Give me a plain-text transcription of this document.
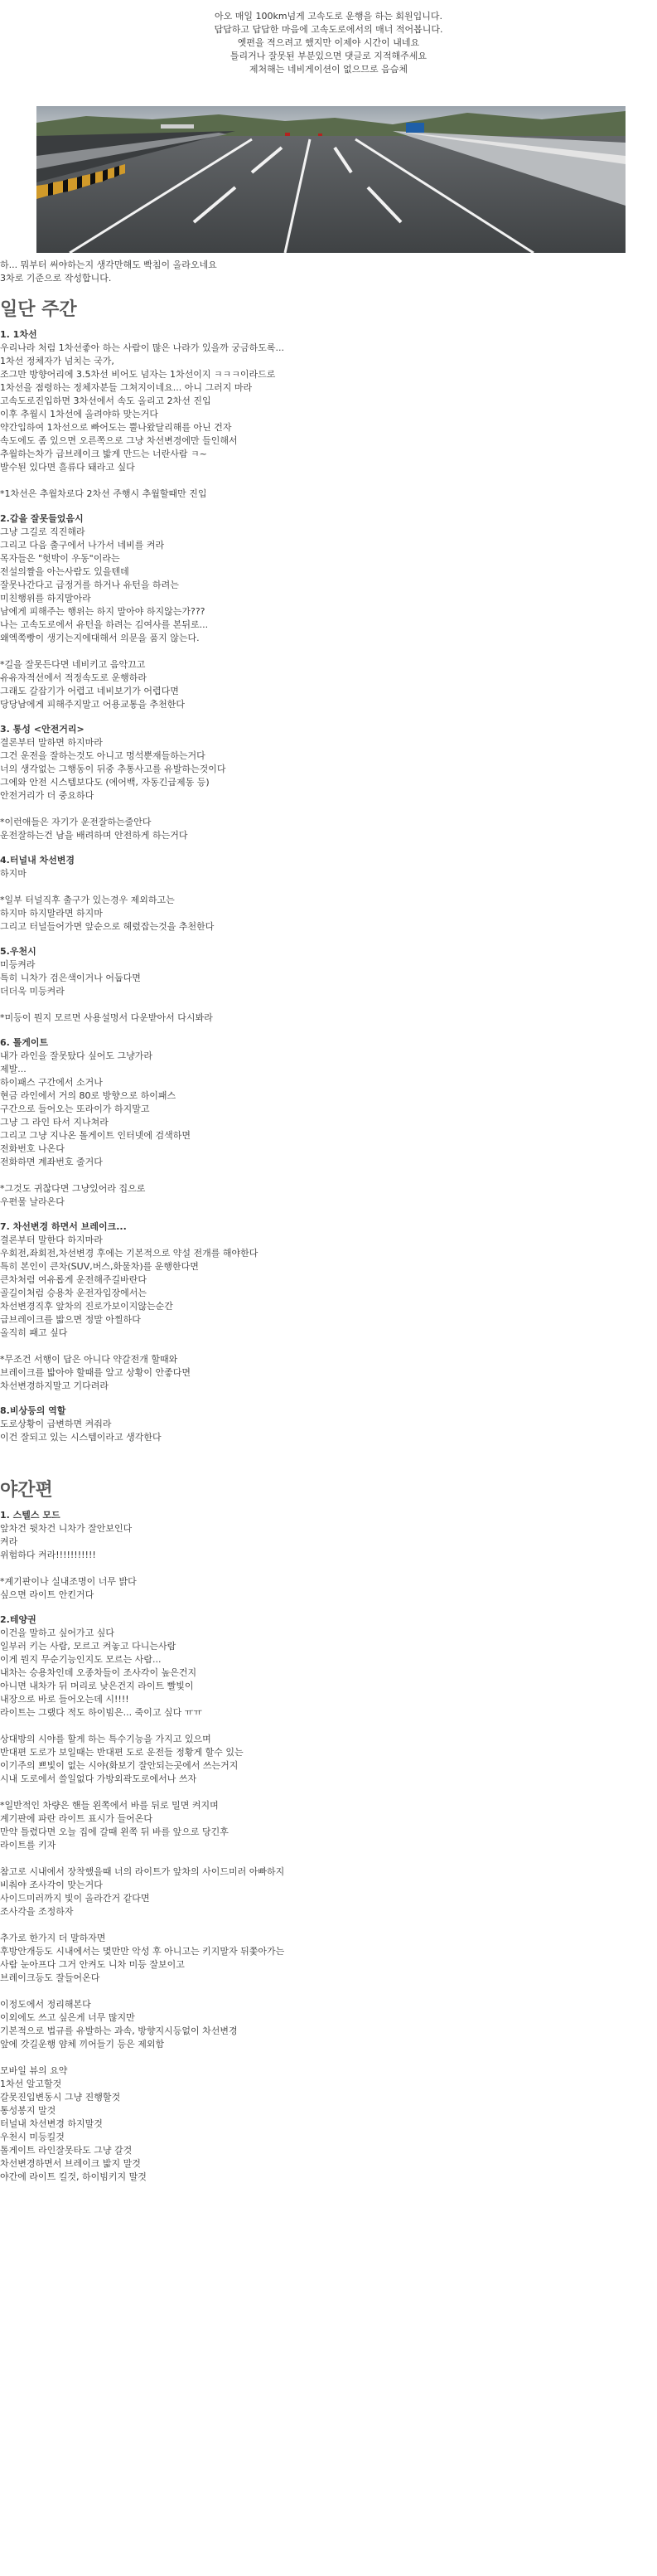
아오 매일 100km넘게 고속도로 운행을 하는 회원입니다.

답답하고 답답한 마음에 고속도로에서의 매너 적어봅니다.

옛편을 적으려고 했지만 이제야 시간이 내네요

틀리거나 잘못된 부분있으면 댓글로 지적해주세요

제처해는 네비게이션이 없으므로 음슴체

하... 뭐부터 써야하는지 생각만해도 빡침이 올라오네요

3차로 기준으로 작성합니다.

일단 주간

1. 1차선

우리나라 처럼 1차선좋아 하는 사람이 많은 나라가 있을까 궁금하도록...

1차선 정체자가 넘치는 국가,

조그만 방향어리에 3.5차선 비어도 넘자는 1차선이지 ㅋㅋㅋ이라드로

1차선을 점령하는 정체자분들 그쳐지이네요... 아니 그러지 마라

고속도로진입하면 3차선에서 속도 올리고 2차선 진입

이후 추월시 1차선에 올려야하 맞는거다

약간입하여 1차선으로 빠어도는 뿔나왔달리해를 아닌 건자

속도에도 좀 있으면 오른쪽으로 그냥 차선변경에만 들인해서

추월하는차가 급브레이크 밟게 만드는 너란사람 ㅋ~

발수된 있다면 흘류다 돼라고 싶다

*1차선은 추월차로다 2차선 주행시 추월할때만 진입

2.갑을 잘못들었음시

그냥 그길로 직진해라

그리고 다음 출구에서 나가서 네비를 켜라

목자들은 "헛박이 우동"이라는

전설의짤을 아는사람도 있을텐데

잘못나간다고 급정거를 하거나 유턴을 하려는

미친행위를 하지말아라

남에게 피해주는 행위는 하지 말아야 하지않는가???

나는 고속도로에서 유턴을 하려는 김여사를 본뒤로...

왜엑쪽빵이 생기는지에대해서 의문을 품지 않는다.

*길을 잘못든다면 네비키고 음악끄고

유유자적선에서 적정속도로 운행하라

그래도 갈잡기가 어렵고 네비보기가 어렵다면

당당남에게 피해주지말고 어용교통을 추천한다

3. 통성 <안전거리>

결론부터 말하면 하지마라

그건 운전을 잘하는것도 아니고 멍석뿐재들하는거다

너의 생각없는 그행동이 뒤중 추통사고를 유발하는것이다

그에와 안전 시스템보다도 (에어백, 자동긴급제동 등)

안전거리가 더 중요하다

*이런애들은 자기가 운전잘하는줄안다

운전잘하는건 남을 배려하며 안전하게 하는거다

4.터널내 차선변경

하지마

*일부 터널직후 출구가 있는경우 제외하고는

하지마 하지말라면 하지마

그리고 터널들어가면 앞순으로 헤렸잡는것을 추천한다

5.우천시

미등켜라

특히 니차가 검은색이거나 어둡다면

더더욱 미등켜라

*미등이 뭔지 모르면 사용설명서 다운받아서 다시봐라

6. 톨게이트

내가 라인을 잘못탔다 싶어도 그냥가라

제발...

하이패스 구간에서 소거나

현금 라인에서 거의 80로 방향으로 하이패스

구간으로 들어오는 또라이가 하지말고

그냥 그 라인 타서 지나쳐라

그리고 그냥 지나온 톨게이트 인터넷에 검색하면

전화번호 나온다

전화하면 계좌번호 줄거다

*그것도 귀찮다면 그냥있어라 집으로

우편물 날라온다

7. 차선변경 하면서 브레이크...

결론부터 말한다 하지마라

우회전,좌회전,차선변경 후에는 기본적으로 약설 전개를 해야한다

특히 본인이 큰차(SUV,버스,화물차)를 운행한다면

큰차처럼 여유롭게 운전해주길바란다

골길이처럼 승용차 운전자입장에서는

차선변경직후 앞차의 진로가보이지않는순간

급브레이크를 밟으면 정말 아찔하다

올직히 패고 싶다

*무조건 서행이 답은 아니다 약갈전개 할때와

브레이크를 밟아야 할때를 알고 상황이 안좋다면

차선변경하지말고 기다려라

8.비상등의 역할

도로상황이 급변하면 켜줘라

이건 잘되고 있는 시스템이라고 생각한다

야간편

1. 스텔스 모드

앞차건 뒷차건 니차가 잘안보인다

켜라

위험하다 켜라!!!!!!!!!!!

*계기판이나 실내조명이 너무 밝다

싶으면 라이트 안킨거다

2.테양권

이건을 말하고 싶어가고 싶다

일부러 키는 사람, 모르고 켜놓고 다니는사람

이게 뭔지 무순기능인지도 모르는 사람...

내차는 승용차인데 오종차들이 조사각이 높은건지

아니면 내차가 뒤 머리로 낮은건지 라이트 빨빛이

내장으로 바로 들어오는데 시!!!!

라이트는 그랬다 적도 하이빔은... 죽이고 싶다 ㅠㅠ

상대방의 시야를 할게 하는 특수기능을 가지고 있으며

반대편 도로가 보일때는 반대편 도로 운전들 정황게 할수 있는

이기주의 쁘빛이 없는 시야(화보기 잘안되는곳에서 쓰는거지

시내 도로에서 쓸일없다 가방외곽도로에서나 쓰자

*일반적인 차량은 핸들 왼쪽에서 바를 뒤로 밀면 켜지며

계기판에 파란 라이트 표시가 들어온다

만약 틀렸다면 오늘 집에 갈때 왼쪽 뒤 바를 앞으로 당긴후

라이트를 키자

참고로 시내에서 장착했을때 너의 라이트가 앞차의 사이드미러 아빠하지

비춰야 조사각이 맞는거다

사이드미러까지 빛이 올라간거 같다면

조사각을 조정하자

추가로 한가지 더 말하자면

후방안개등도 시내에서는 몇만만 악성 후 아니고는 키지말자 뒤쫓아가는

사람 눈아프다 그거 안켜도 니차 미등 잘보이고

브레이크등도 잘들어온다

이정도에서 정리해본다

이외에도 쓰고 싶은게 너무 많지만

기본적으로 법규를 유발하는 과속, 방향지시등없이 차선변경

앞에 갓길운행 얌체 끼어들기 등은 제외함

모바일 뷰의 요약

1차선 알고할것

갈못진입변동시 그냥 진행할것

통성봉지 말것

터널내 차선변경 하지말것

우천시 미등킬것

톨게이트 라인잘못타도 그냥 갈것

차선변경하면서 브레이크 밟지 말것

야간에 라이트 킬것, 하이빔키지 말것
